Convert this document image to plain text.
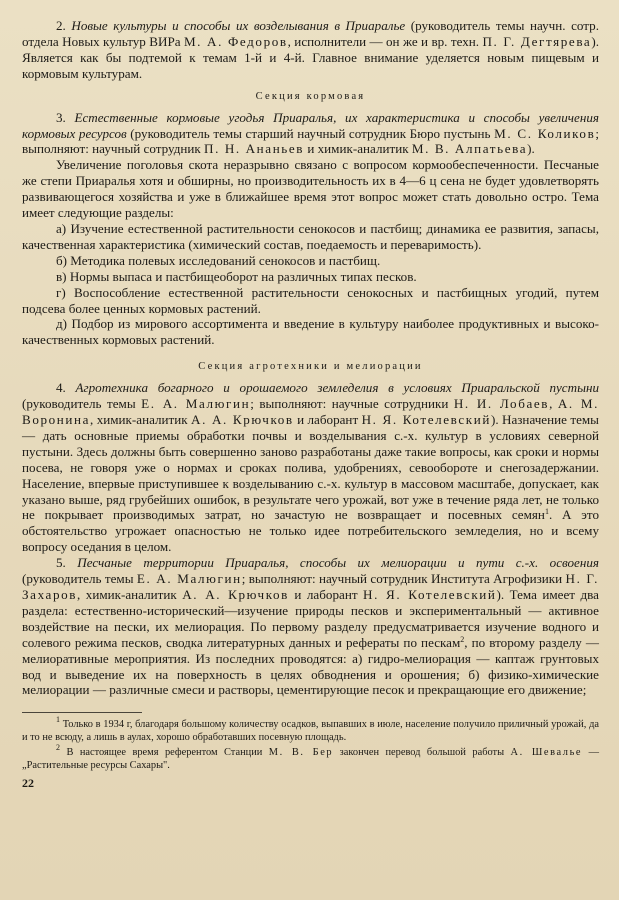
2. Новые культуры и способы их возделывания в Приаралье (руководитель темы научн. сотр. отдела Новых культур ВИРа М. А. Федоров, исполнители — он же и вр. техн. П. Г. Дегтярева). Является как бы подтемой к темам 1-й и 4-й. Главное внимание уделяется новым пищевым и кормовым культурам.

Секция кормовая

3. Естественные кормовые угодья Приаралья, их характеристика и способы увеличения кормовых ресурсов (руководитель темы старший научный сотрудник Бюро пустынь М. С. Коликов; выполняют: научный сотрудник П. Н. Ананьев и химик-аналитик М. В. Алпатьева).

Увеличение поголовья скота неразрывно связано с вопросом кормообеспеченности. Песчаные же степи Приаралья хотя и обширны, но производительность их в 4—6 ц сена не будет удовлетворять развивающегося хозяйства и уже в ближайшее время этот вопрос может стать довольно остро. Тема имеет следующие разделы:

а) Изучение естественной растительности сенокосов и пастбищ; динамика ее развития, запасы, качественная характеристика (химический состав, поедаемость и переваримость).

б) Методика полевых исследований сенокосов и пастбищ.

в) Нормы выпаса и пастбищеоборот на различных типах песков.

г) Воспособление естественной растительности сенокосных и пастбищных угодий, путем подсева более ценных кормовых растений.

д) Подбор из мирового ассортимента и введение в культуру наиболее продуктивных и высоко-качественных кормовых растений.

Секция агротехники и мелиорации

4. Агротехника богарного и орошаемого земледелия в условиях Приаральской пустыни (руководитель темы Е. А. Малюгин; выполняют: научные сотрудники Н. И. Лобаев, А. М. Воронина, химик-аналитик А. А. Крючков и лаборант Н. Я. Котелевский). Назначение темы — дать основные приемы обработки почвы и возделывания с.-х. культур в условиях северной пустыни. Здесь должны быть совершенно заново разработаны даже такие вопросы, как сроки и нормы посева, не говоря уже о нормах и сроках полива, удобрениях, севообороте и снегозадержании. Население, впервые приступившее к возделыванию с.-х. культур в массовом масштабе, допускает, как указано выше, ряд грубейших ошибок, в результате чего урожай, вот уже в течение ряда лет, не только не покрывает производимых затрат, но зачастую не возвращает и посевных семян$^1$. А это обстоятельство угрожает опасностью не только идее потребительского земледелия, но и всему вопросу оседания в целом.

5. Песчаные территории Приаралья, способы их мелиорации и пути с.-х. освоения (руководитель темы Е. А. Малюгин; выполняют: научный сотрудник Института Агрофизики Н. Г. Захаров, химик-аналитик А. А. Крючков и лаборант Н. Я. Котелевский). Тема имеет два раздела: естественно-исторический—изучение природы песков и экспериментальный — активное воздействие на пески, их мелиорация. По первому разделу предусматривается изучение водного и солевого режима песков, сводка литературных данных и рефераты по пескам$^2$, по второму разделу — мелиоративные мероприятия. Из последних проводятся: а) гидро-мелиорация — каптаж грунтовых вод и выведение их на поверхность в целях обводнения и орошения; б) физико-химические мелиорации — различные смеси и растворы, цементирующие песок и прекращающие его движение;

$^1$ Только в 1934 г, благодаря большому количеству осадков, выпавших в июле, население получило приличный урожай, да и то не всюду, а лишь в аулах, хорошо обработавших посевную площадь.

$^2$ В настоящее время референтом Станции М. В. Бер закончен перевод большой работы А. Шевалье — „Растительные ресурсы Сахары".

22
